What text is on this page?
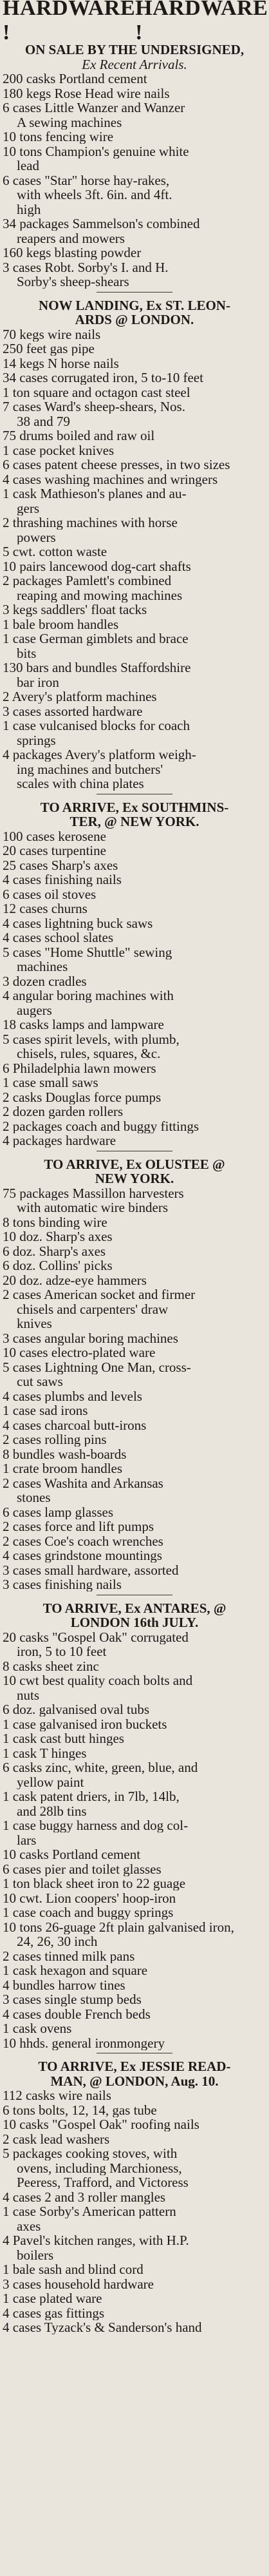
HARDWARE !
HARDWARE !
ON SALE BY THE UNDERSIGNED,
Ex Recent Arrivals.
200 casks Portland cement
180 kegs Rose Head wire nails
6 cases Little Wanzer and Wanzer
A sewing machines
10 tons fencing wire
10 tons Champion's genuine white
lead
6 cases "Star" horse hay-rakes,
with wheels 3ft. 6in. and 4ft.
high
34 packages Sammelson's combined
reapers and mowers
160 kegs blasting powder
3 cases Robt. Sorby's I. and H.
Sorby's sheep-shears
NOW LANDING, Ex ST. LEON-
ARDS @ LONDON.
70 kegs wire nails
250 feet gas pipe
14 kegs N horse nails
34 cases corrugated iron, 5 to-10 feet
1 ton square and octagon cast steel
7 cases Ward's sheep-shears, Nos.
38 and 79
75 drums boiled and raw oil
1 case pocket knives
6 cases patent cheese presses, in two sizes
4 cases washing machines and wringers
1 cask Mathieson's planes and au-
gers
2 thrashing machines with horse
powers
5 cwt. cotton waste
10 pairs lancewood dog-cart shafts
2 packages Pamlett's combined
reaping and mowing machines
3 kegs saddlers' float tacks
1 bale broom handles
1 case German gimblets and brace
bits
130 bars and bundles Staffordshire
bar iron
2 Avery's platform machines
3 cases assorted hardware
1 case vulcanised blocks for coach
springs
4 packages Avery's platform weigh-
ing machines and butchers'
scales with china plates
TO ARRIVE, Ex SOUTHMINS-
TER, @ NEW YORK.
100 cases kerosene
20 cases turpentine
25 cases Sharp's axes
4 cases finishing nails
6 cases oil stoves
12 cases churns
4 cases lightning buck saws
4 cases school slates
5 cases "Home Shuttle" sewing
machines
3 dozen cradles
4 angular boring machines with
augers
18 casks lamps and lampware
5 cases spirit levels, with plumb,
chisels, rules, squares, &c.
6 Philadelphia lawn mowers
1 case small saws
2 casks Douglas force pumps
2 dozen garden rollers
2 packages coach and buggy fittings
4 packages hardware
TO ARRIVE, Ex OLUSTEE @
NEW YORK.
75 packages Massillon harvesters
with automatic wire binders
8 tons binding wire
10 doz. Sharp's axes
6 doz. Sharp's axes
6 doz. Collins' picks
20 doz. adze-eye hammers
2 cases American socket and firmer
chisels and carpenters' draw
knives
3 cases angular boring machines
10 cases electro-plated ware
5 cases Lightning One Man, cross-
cut saws
4 cases plumbs and levels
1 case sad irons
4 cases charcoal butt-irons
2 cases rolling pins
8 bundles wash-boards
1 crate broom handles
2 cases Washita and Arkansas
stones
6 cases lamp glasses
2 cases force and lift pumps
2 cases Coe's coach wrenches
4 cases grindstone mountings
3 cases small hardware, assorted
3 cases finishing nails
TO ARRIVE, Ex ANTARES, @
LONDON 16th JULY.
20 casks "Gospel Oak" corrugated
iron, 5 to 10 feet
8 casks sheet zinc
10 cwt best quality coach bolts and
nuts
6 doz. galvanised oval tubs
1 case galvanised iron buckets
1 cask cast butt hinges
1 cask T hinges
6 casks zinc, white, green, blue, and
yellow paint
1 cask patent driers, in 7lb, 14lb,
and 28lb tins
1 case buggy harness and dog col-
lars
10 casks Portland cement
6 cases pier and toilet glasses
1 ton black sheet iron to 22 guage
10 cwt. Lion coopers' hoop-iron
1 case coach and buggy springs
10 tons 26-guage 2ft plain galvanised iron,
24, 26, 30 inch
2 cases tinned milk pans
1 cask hexagon and square
4 bundles harrow tines
3 cases single stump beds
4 cases double French beds
1 cask ovens
10 hhds. general ironmongery
TO ARRIVE, Ex JESSIE READ-
MAN, @ LONDON, Aug. 10.
112 casks wire nails
6 tons bolts, 12, 14, gas tube
10 casks "Gospel Oak" roofing nails
2 cask lead washers
5 packages cooking stoves, with
ovens, including Marchioness,
Peeress, Trafford, and Victoress
4 cases 2 and 3 roller mangles
1 case Sorby's American pattern
axes
4 Pavel's kitchen ranges, with H.P.
boilers
1 bale sash and blind cord
3 cases household hardware
1 case plated ware
4 cases gas fittings
4 cases Tyzack's & Sanderson's hand
